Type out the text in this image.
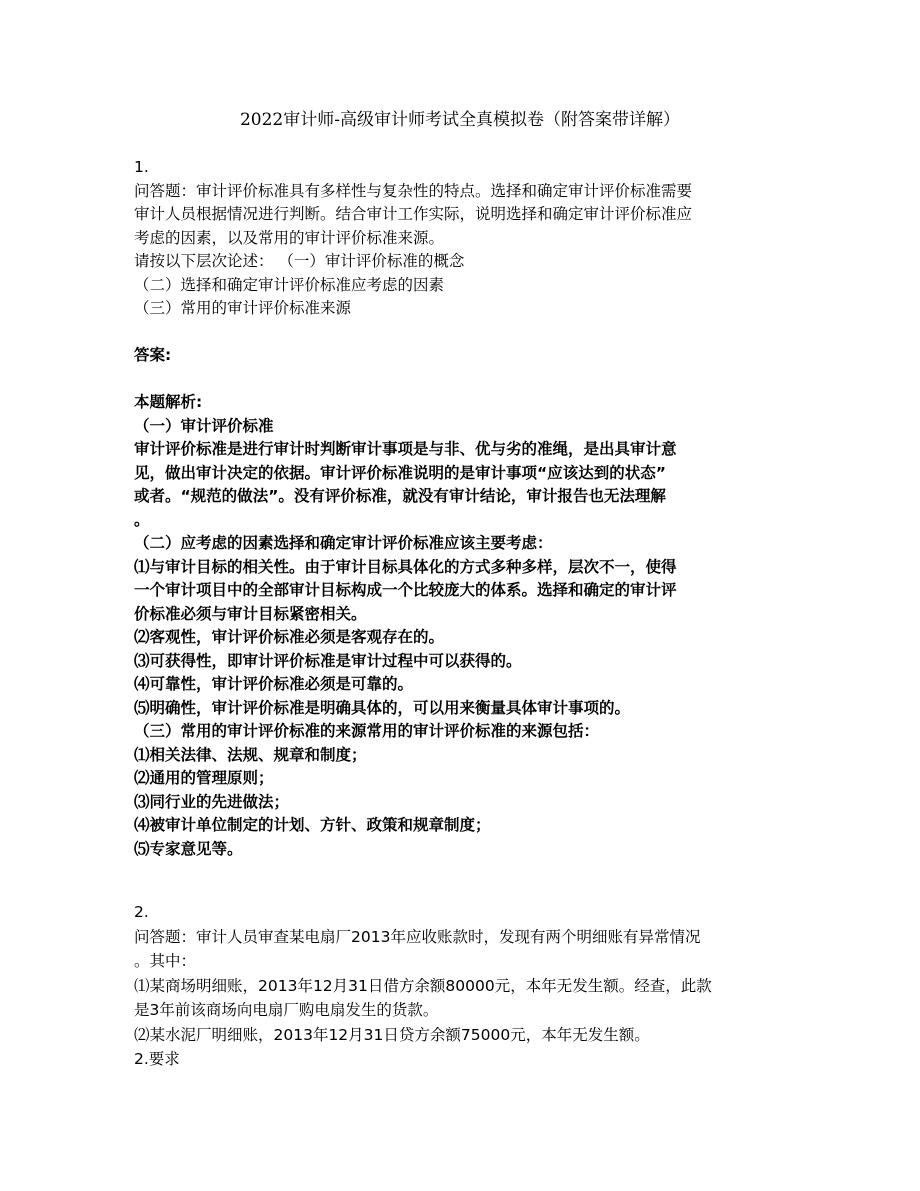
2022审计师-高级审计师考试全真模拟卷（附答案带详解）
1.
问答题：审计评价标准具有多样性与复杂性的特点。选择和确定审计评价标准需要
审计人员根据情况进行判断。结合审计工作实际，说明选择和确定审计评价标准应
考虑的因素，以及常用的审计评价标准来源。
请按以下层次论述： （一）审计评价标准的概念
（二）选择和确定审计评价标准应考虑的因素
（三）常用的审计评价标准来源
答案:
本题解析:
（一）审计评价标准
审计评价标准是进行审计时判断审计事项是与非、优与劣的准绳，是出具审计意
见，做出审计决定的依据。审计评价标准说明的是审计事项“应该达到的状态”
或者。“规范的做法”。没有评价标准，就没有审计结论，审计报告也无法理解
。
（二）应考虑的因素选择和确定审计评价标准应该主要考虑：
⑴与审计目标的相关性。由于审计目标具体化的方式多种多样，层次不一，使得
一个审计项目中的全部审计目标构成一个比较庞大的体系。选择和确定的审计评
价标准必须与审计目标紧密相关。
⑵客观性，审计评价标准必须是客观存在的。
⑶可获得性，即审计评价标准是审计过程中可以获得的。
⑷可靠性，审计评价标准必须是可靠的。
⑸明确性，审计评价标准是明确具体的，可以用来衡量具体审计事项的。
（三）常用的审计评价标准的来源常用的审计评价标准的来源包括：
⑴相关法律、法规、规章和制度；
⑵通用的管理原则；
⑶同行业的先进做法；
⑷被审计单位制定的计划、方针、政策和规章制度；
⑸专家意见等。
2.
问答题：审计人员审查某电扇厂2013年应收账款时，发现有两个明细账有异常情况
。其中：
⑴某商场明细账，2013年12月31日借方余额80000元，本年无发生额。经查，此款
是3年前该商场向电扇厂购电扇发生的货款。
⑵某水泥厂明细账，2013年12月31日贷方余额75000元，本年无发生额。
2.要求
